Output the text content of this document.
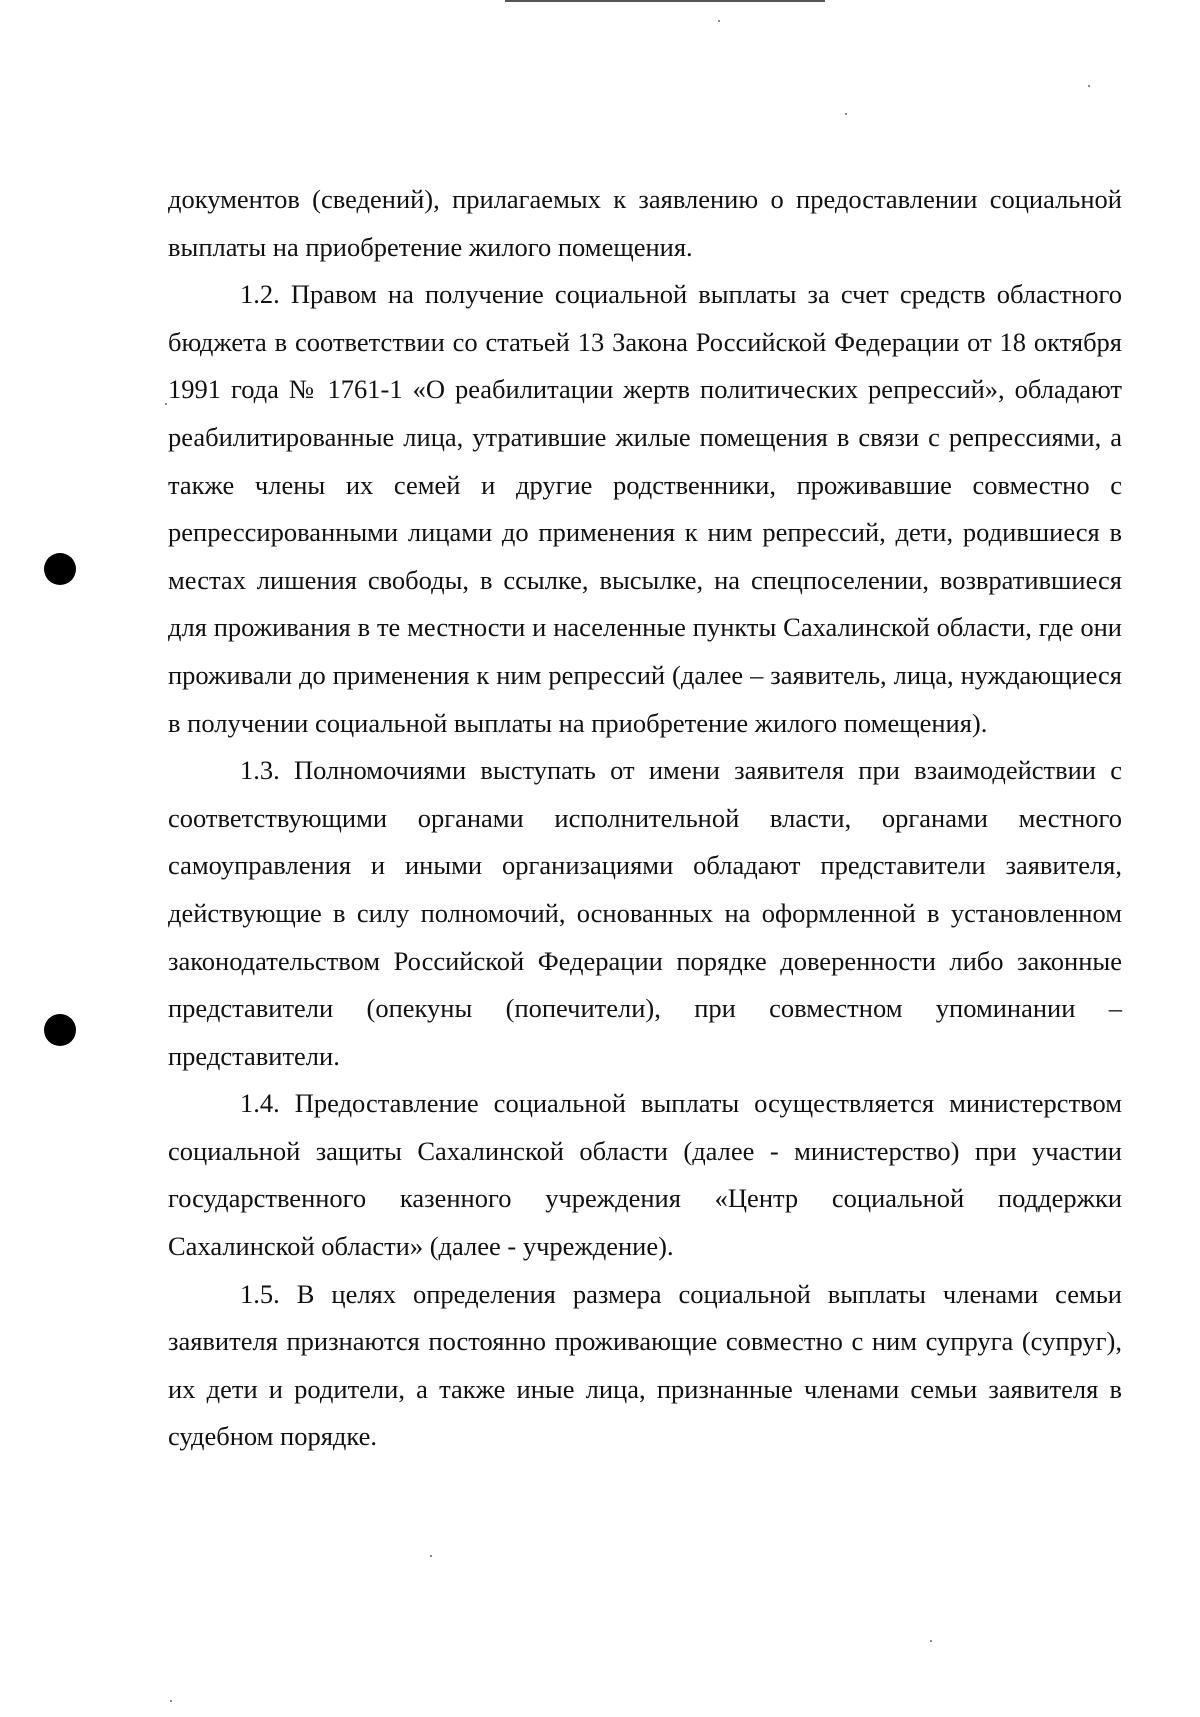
документов (сведений), прилагаемых к заявлению о предоставлении социальной выплаты на приобретение жилого помещения.

1.2. Правом на получение социальной выплаты за счет средств областного бюджета в соответствии со статьей 13 Закона Российской Федерации от 18 октября 1991 года № 1761-1 «О реабилитации жертв политических репрессий», обладают реабилитированные лица, утратившие жилые помещения в связи с репрессиями, а также члены их семей и другие родственники, проживавшие совместно с репрессированными лицами до применения к ним репрессий, дети, родившиеся в местах лишения свободы, в ссылке, высылке, на спецпоселении, возвратившиеся для проживания в те местности и населенные пункты Сахалинской области, где они проживали до применения к ним репрессий (далее – заявитель, лица, нуждающиеся в получении социальной выплаты на приобретение жилого помещения).

1.3. Полномочиями выступать от имени заявителя при взаимодействии с соответствующими органами исполнительной власти, органами местного самоуправления и иными организациями обладают представители заявителя, действующие в силу полномочий, основанных на оформленной в установленном законодательством Российской Федерации порядке доверенности либо законные представители (опекуны (попечители), при совместном упоминании – представители.

1.4. Предоставление социальной выплаты осуществляется министерством социальной защиты Сахалинской области (далее - министерство) при участии государственного казенного учреждения «Центр социальной поддержки Сахалинской области» (далее - учреждение).

1.5. В целях определения размера социальной выплаты членами семьи заявителя признаются постоянно проживающие совместно с ним супруга (супруг), их дети и родители, а также иные лица, признанные членами семьи заявителя в судебном порядке.
